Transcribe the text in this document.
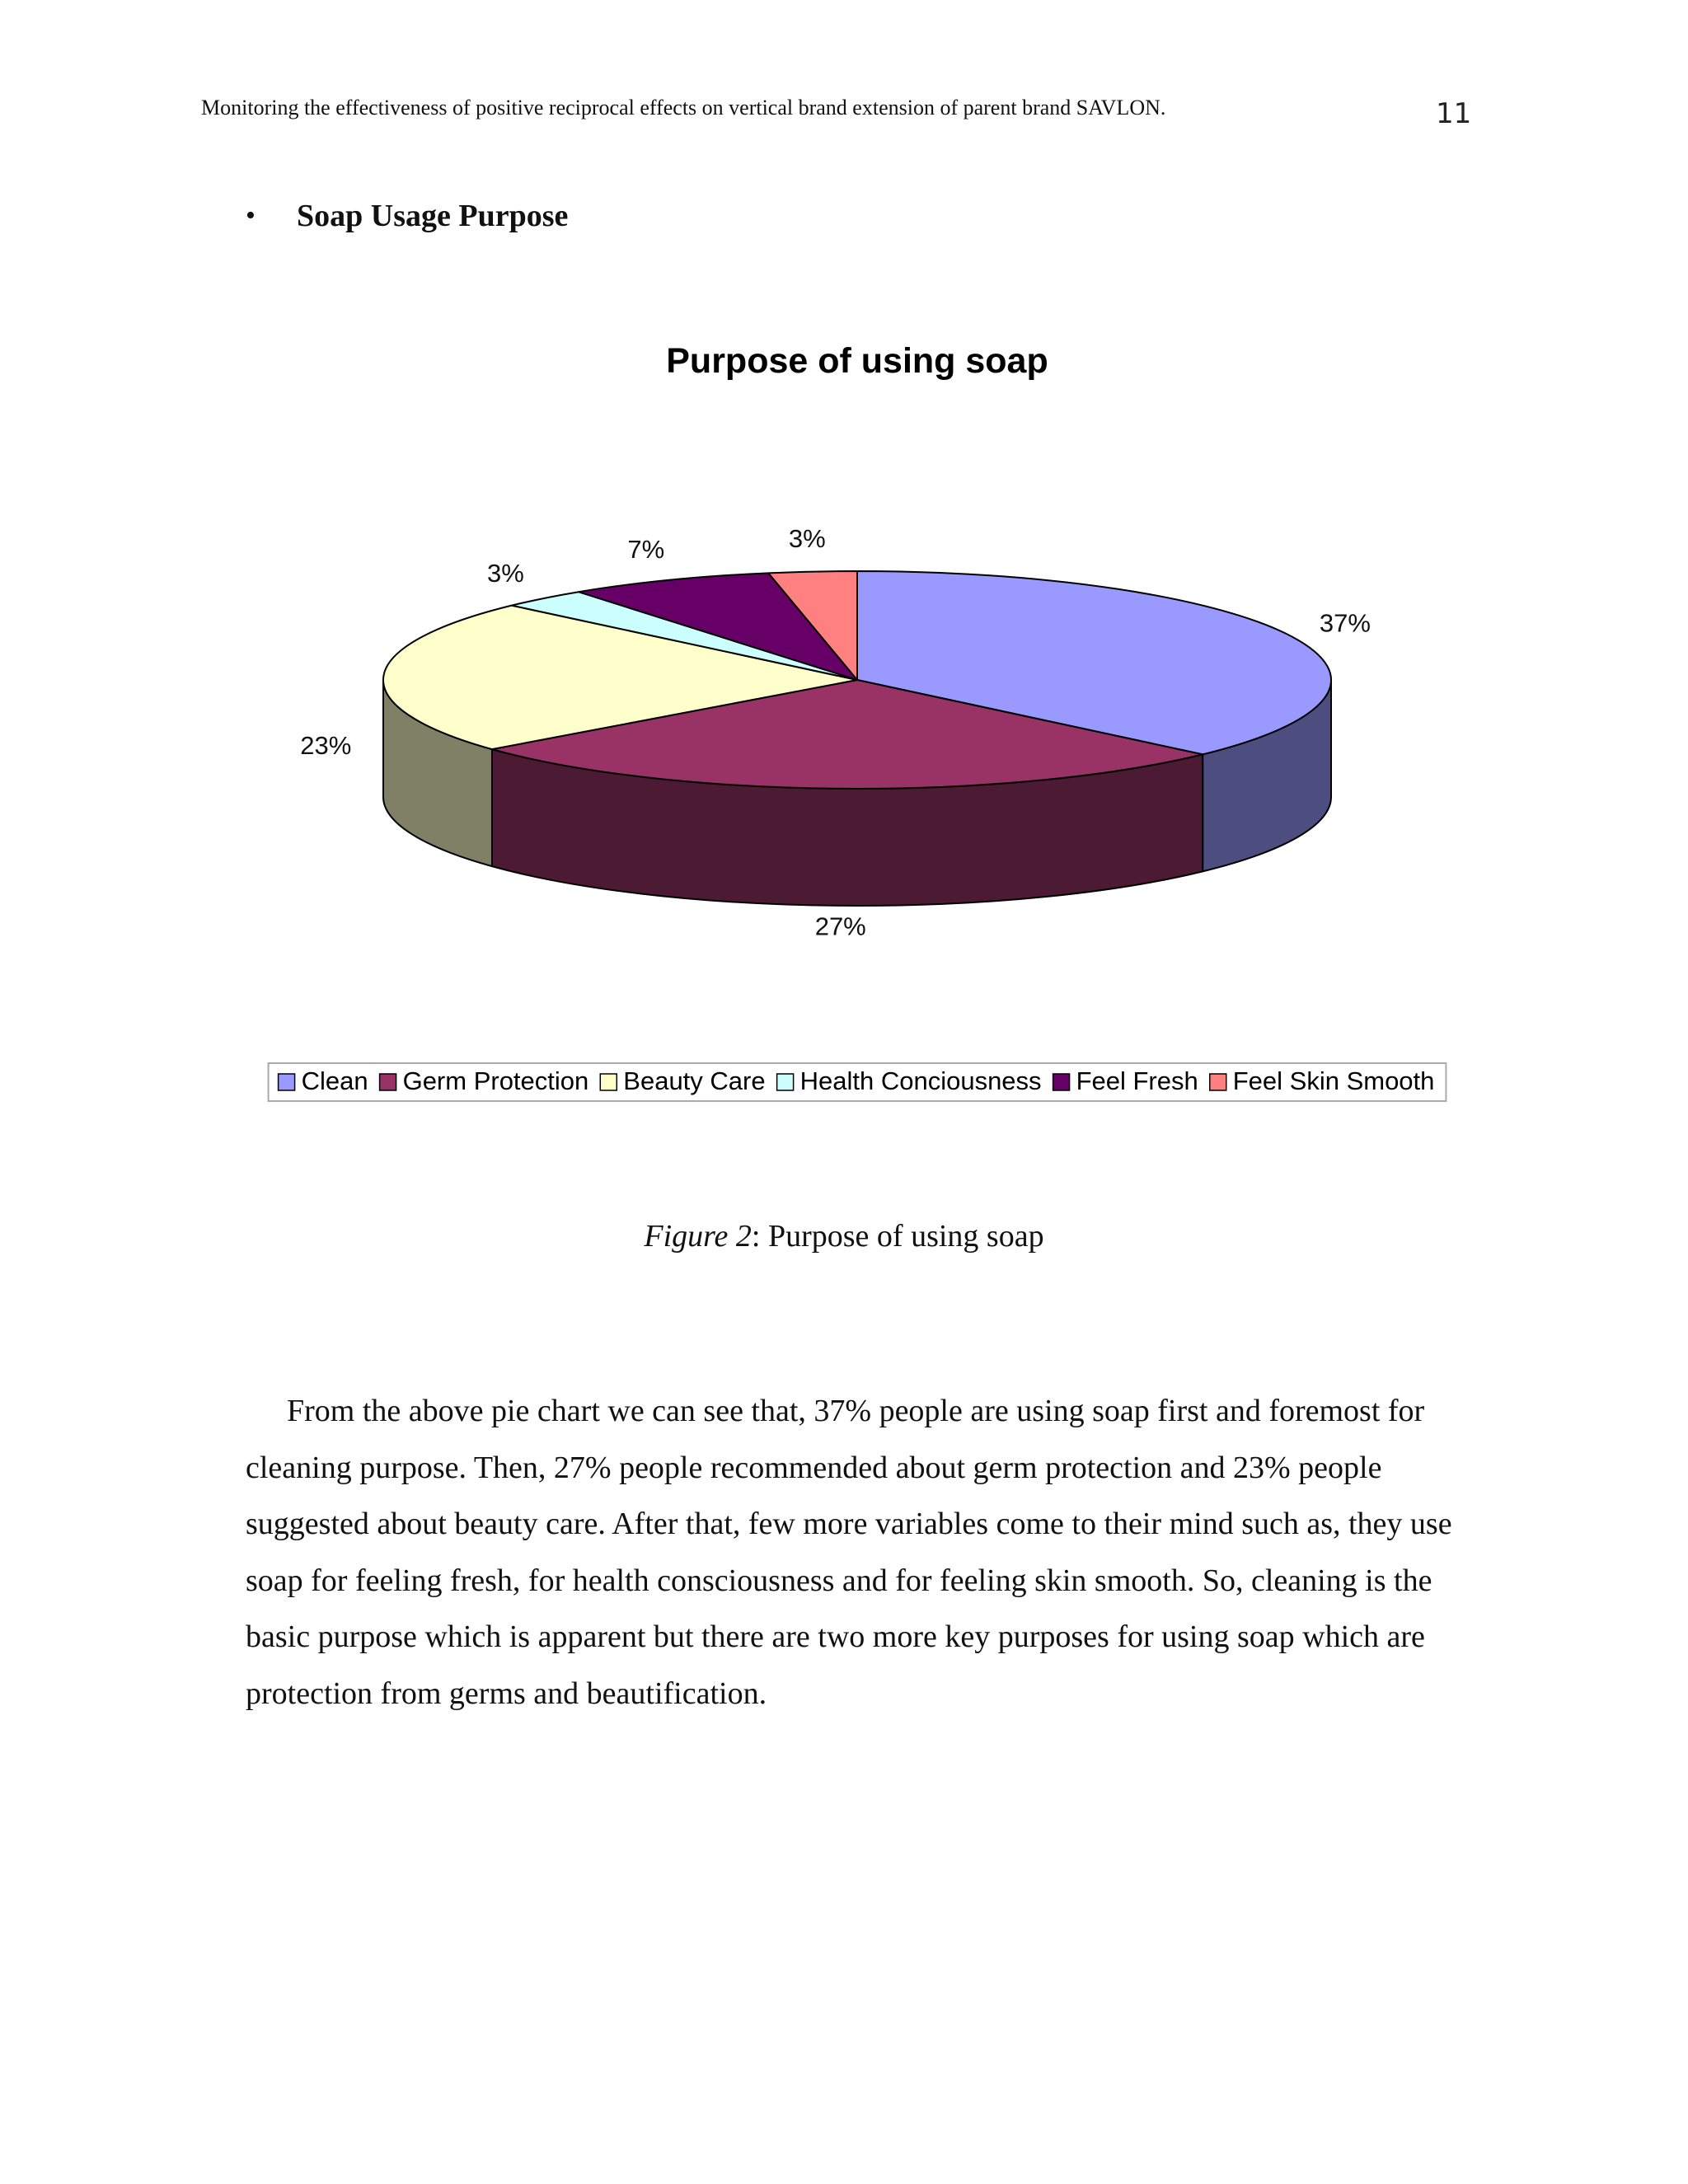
Monitoring the effectiveness of positive reciprocal effects on vertical brand extension of parent brand SAVLON.	11
•	Soap Usage Purpose
Purpose of using soap
37%
27%
23%
3%
7%	3%
Clean Germ Protection Beauty Care Health Conciousness Feel Fresh Feel Skin Smooth
Figure 2: Purpose of using soap

From the above pie chart we can see that, 37% people are using soap first and foremost for cleaning purpose. Then, 27% people recommended about germ protection and 23% people suggested about beauty care. After that, few more variables come to their mind such as, they use soap for feeling fresh, for health consciousness and for feeling skin smooth. So, cleaning is the basic purpose which is apparent but there are two more key purposes for using soap which are protection from germs and beautification.
